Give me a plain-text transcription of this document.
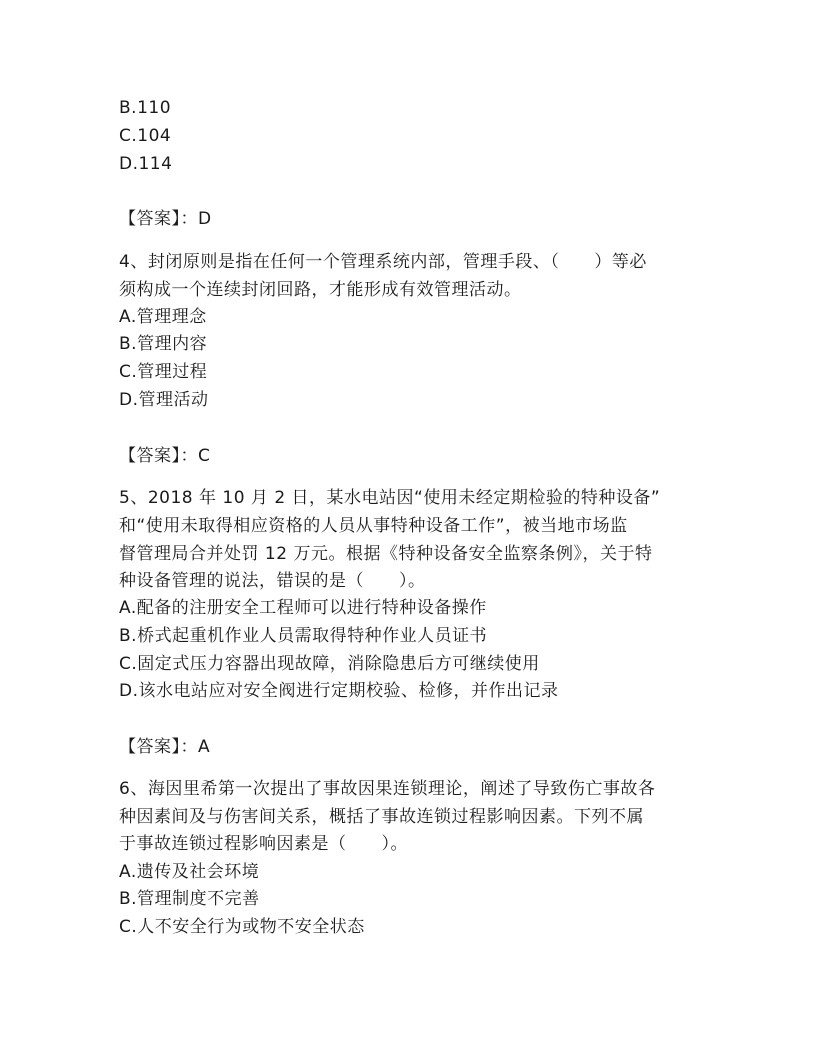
B.110
C.104
D.114
【答案】：D
4、封闭原则是指在任何一个管理系统内部，管理手段、（　　）等必
须构成一个连续封闭回路，才能形成有效管理活动。
A.管理理念
B.管理内容
C.管理过程
D.管理活动
【答案】：C
5、2018 年 10 月 2 日，某水电站因“使用未经定期检验的特种设备”
和“使用未取得相应资格的人员从事特种设备工作”，被当地市场监
督管理局合并处罚 12 万元。根据《特种设备安全监察条例》，关于特
种设备管理的说法，错误的是（　　）。
A.配备的注册安全工程师可以进行特种设备操作
B.桥式起重机作业人员需取得特种作业人员证书
C.固定式压力容器出现故障，消除隐患后方可继续使用
D.该水电站应对安全阀进行定期校验、检修，并作出记录
【答案】：A
6、海因里希第一次提出了事故因果连锁理论，阐述了导致伤亡事故各
种因素间及与伤害间关系，概括了事故连锁过程影响因素。下列不属
于事故连锁过程影响因素是（　　）。
A.遗传及社会环境
B.管理制度不完善
C.人不安全行为或物不安全状态
